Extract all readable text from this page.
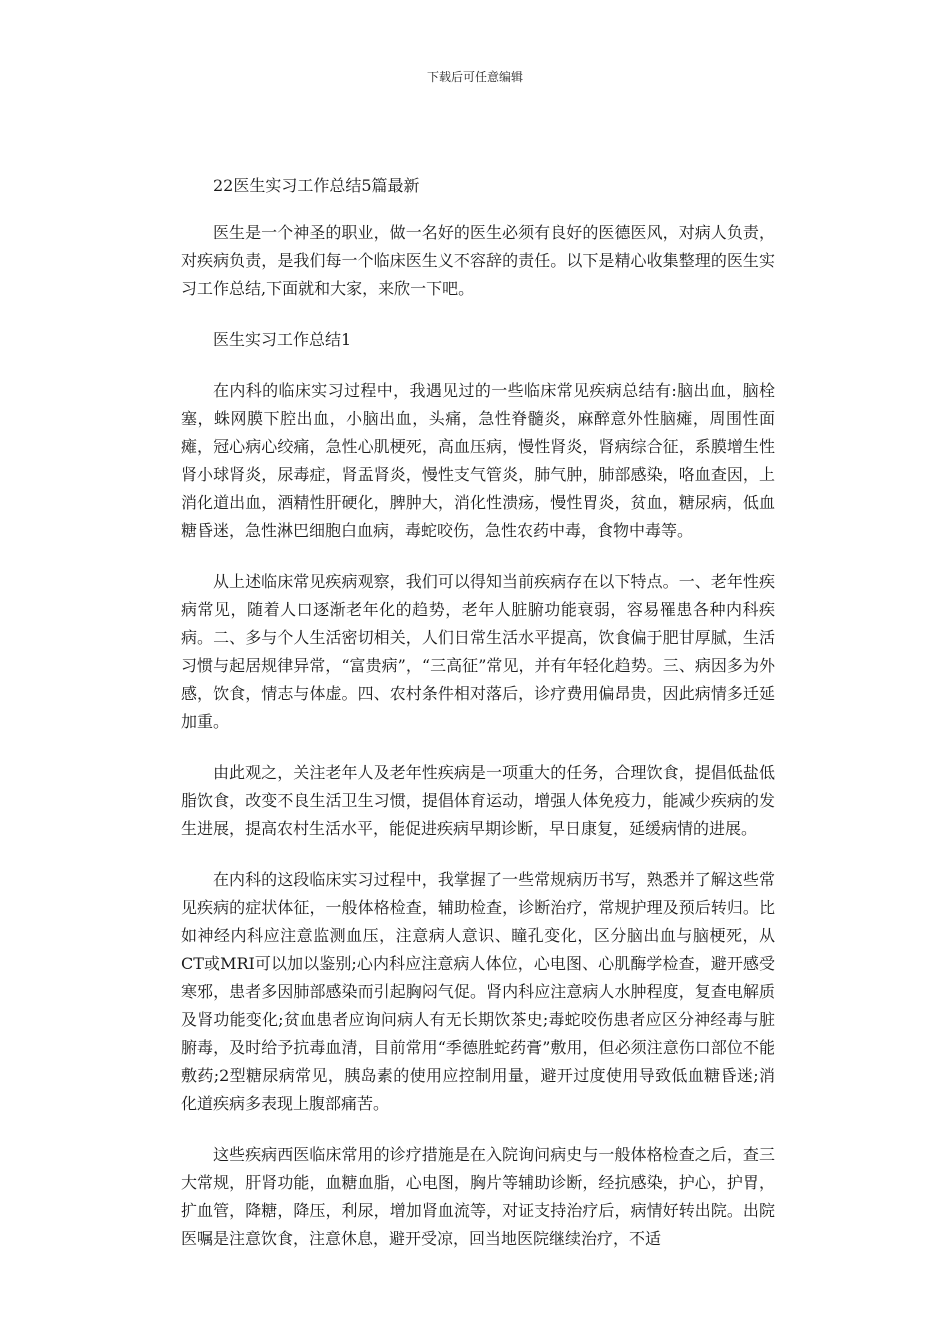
下载后可任意编辑

22医生实习工作总结5篇最新

医生是一个神圣的职业，做一名好的医生必须有良好的医德医风，对病人负责，对疾病负责，是我们每一个临床医生义不容辞的责任。以下是精心收集整理的医生实习工作总结,下面就和大家，来欣一下吧。

医生实习工作总结1

在内科的临床实习过程中，我遇见过的一些临床常见疾病总结有:脑出血，脑栓塞，蛛网膜下腔出血，小脑出血，头痛，急性脊髓炎，麻醉意外性脑瘫，周围性面瘫，冠心病心绞痛，急性心肌梗死，高血压病，慢性肾炎，肾病综合征，系膜增生性肾小球肾炎，尿毒症，肾盂肾炎，慢性支气管炎，肺气肿，肺部感染，咯血查因，上消化道出血，酒精性肝硬化，脾肿大，消化性溃疡，慢性胃炎，贫血，糖尿病，低血糖昏迷，急性淋巴细胞白血病，毒蛇咬伤，急性农药中毒，食物中毒等。

从上述临床常见疾病观察，我们可以得知当前疾病存在以下特点。一、老年性疾病常见，随着人口逐渐老年化的趋势，老年人脏腑功能衰弱，容易罹患各种内科疾病。二、多与个人生活密切相关，人们日常生活水平提高，饮食偏于肥甘厚腻，生活习惯与起居规律异常，“富贵病”，“三高征”常见，并有年轻化趋势。三、病因多为外感，饮食，情志与体虚。四、农村条件相对落后，诊疗费用偏昂贵，因此病情多迁延加重。

由此观之，关注老年人及老年性疾病是一项重大的任务，合理饮食，提倡低盐低脂饮食，改变不良生活卫生习惯，提倡体育运动，增强人体免疫力，能减少疾病的发生进展，提高农村生活水平，能促进疾病早期诊断，早日康复，延缓病情的进展。

在内科的这段临床实习过程中，我掌握了一些常规病历书写，熟悉并了解这些常见疾病的症状体征，一般体格检查，辅助检查，诊断治疗，常规护理及预后转归。比如神经内科应注意监测血压，注意病人意识、瞳孔变化，区分脑出血与脑梗死，从CT或MRI可以加以鉴别;心内科应注意病人体位，心电图、心肌酶学检查，避开感受寒邪，患者多因肺部感染而引起胸闷气促。肾内科应注意病人水肿程度，复查电解质及肾功能变化;贫血患者应询问病人有无长期饮茶史;毒蛇咬伤患者应区分神经毒与脏腑毒，及时给予抗毒血清，目前常用“季德胜蛇药膏”敷用，但必须注意伤口部位不能敷药;2型糖尿病常见，胰岛素的使用应控制用量，避开过度使用导致低血糖昏迷;消化道疾病多表现上腹部痛苦。

这些疾病西医临床常用的诊疗措施是在入院询问病史与一般体格检查之后，查三大常规，肝肾功能，血糖血脂，心电图，胸片等辅助诊断，经抗感染，护心，护胃，扩血管，降糖，降压，利尿，增加肾血流等，对证支持治疗后，病情好转出院。出院医嘱是注意饮食，注意休息，避开受凉，回当地医院继续治疗，不适
